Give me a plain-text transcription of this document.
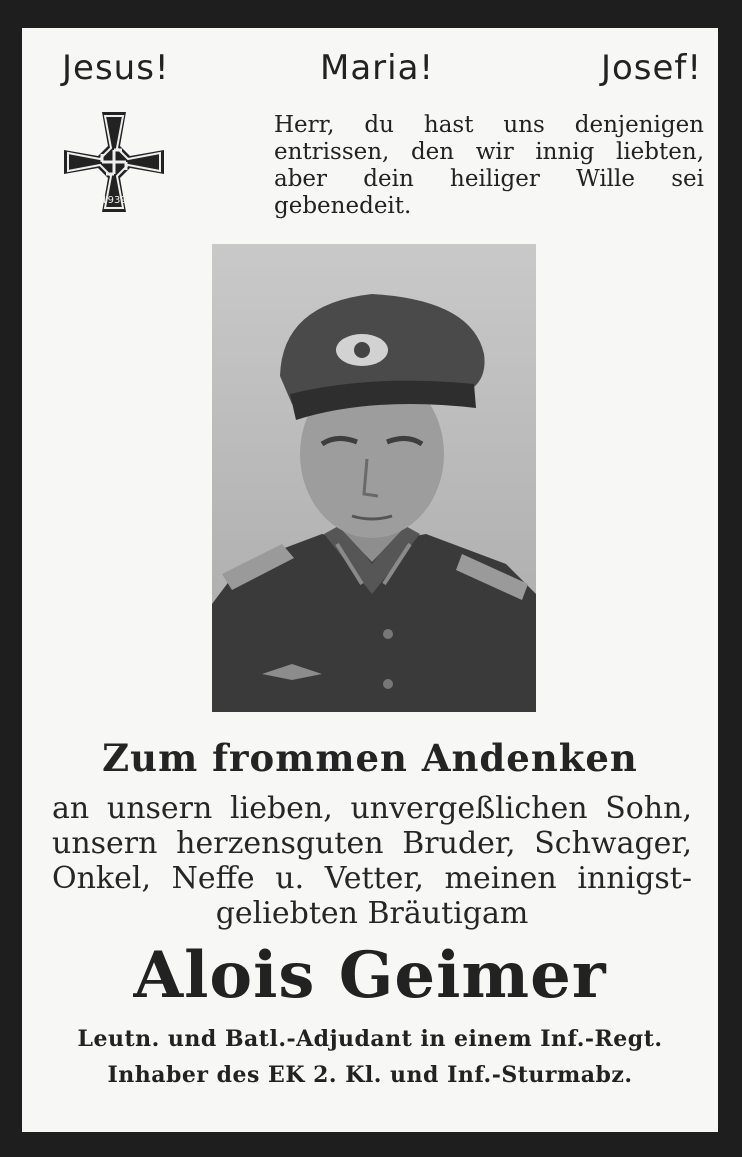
Jesus!	Maria!	Josef!
1939
Herr, du hast uns denjenigen
entrissen, den wir innig liebten,
aber dein heiliger Wille sei
gebenedeit.
Zum frommen Andenken
an unsern lieben, unvergeßlichen Sohn,
unsern herzensguten Bruder, Schwager,
Onkel, Neffe u. Vetter, meinen innigst-
geliebten Bräutigam
Alois Geimer
Leutn. und Batl.-Adjudant in einem Inf.-Regt.
Inhaber des EK 2. Kl. und Inf.-Sturmabz.
